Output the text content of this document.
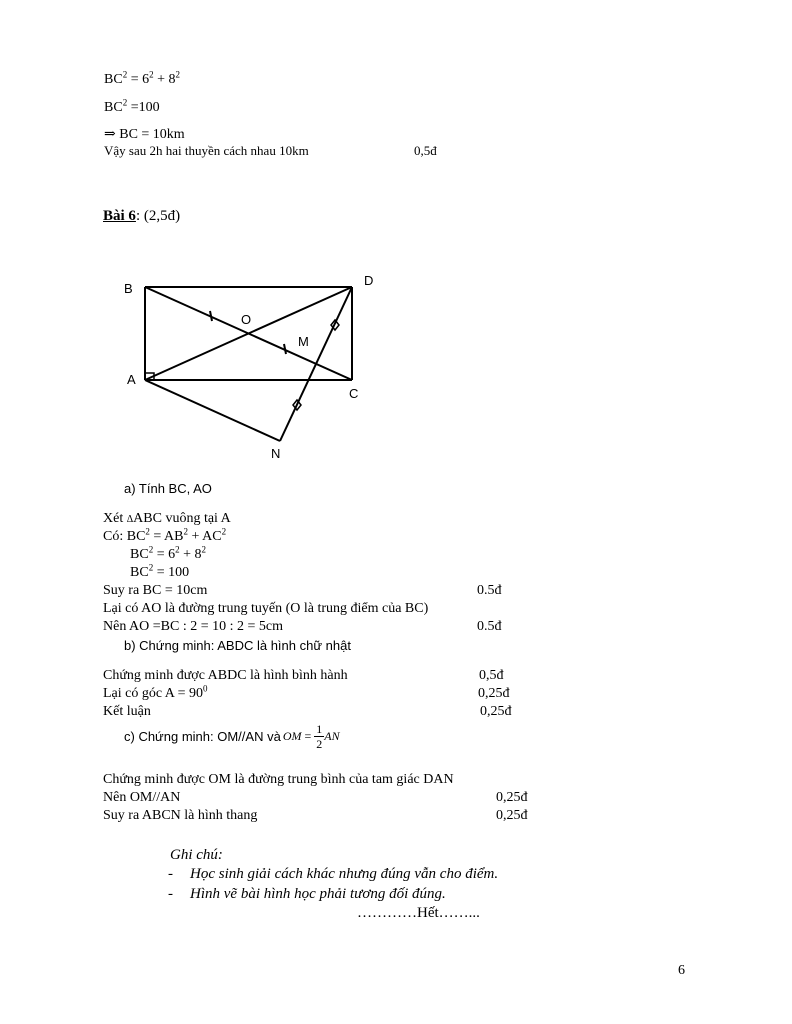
$BC^2 = 6^2 + 8^2$
$BC^2 =100$
⇒ BC = 10km
Vậy sau 2h hai thuyền cách nhau 10km	0,5đ
Bài 6: (2,5đ)
B
D
O
M
A
C
N
a) Tính BC, AO
Xét ΔABC vuông tại A
Có: $BC^2 = AB^2 + AC^2$
$BC^2 = 6^2 + 8^2$
$BC^2 = 100$
Suy ra BC = 10cm	0.5đ
Lại có AO là đường trung tuyến (O là trung điểm của BC)
Nên AO =BC : 2 = 10 : 2 = 5cm	0.5đ
b) Chứng minh: ABDC là hình chữ nhật
Chứng minh được ABDC là hình bình hành	0,5đ
Lại có góc $A = 90^0$	0,25đ
Kết luận	0,25đ
c) Chứng minh: OM//AN và OM = $\frac{1}{2}$ AN
Chứng minh được OM là đường trung bình của tam giác DAN
Nên OM//AN	0,25đ
Suy ra ABCN là hình thang	0,25đ
Ghi chú:
- Học sinh giải cách khác nhưng đúng vẫn cho điểm.
- Hình vẽ bài hình học phải tương đối đúng.
…………Hết……...
6
